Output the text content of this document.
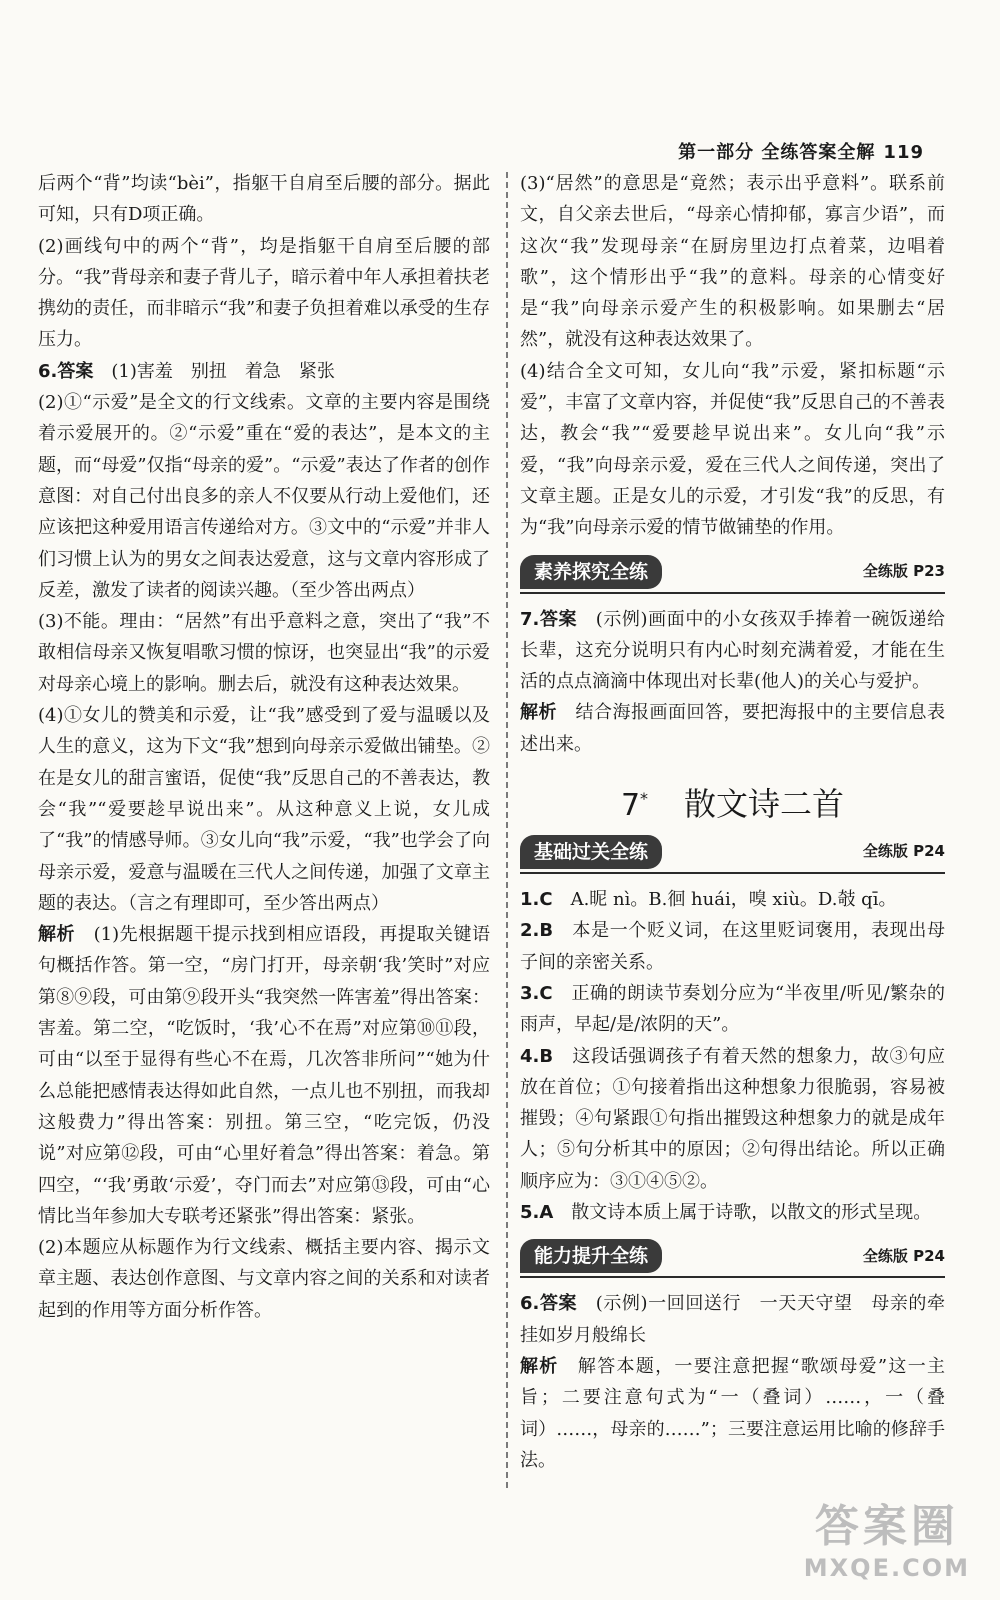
第一部分 全练答案全解 119

后两个“背”均读“bèi”，指躯干自肩至后腰的部分。据此可知，只有D项正确。

(2)画线句中的两个“背”，均是指躯干自肩至后腰的部分。“我”背母亲和妻子背儿子，暗示着中年人承担着扶老携幼的责任，而非暗示“我”和妻子负担着难以承受的生存压力。

6.答案　 (1)害羞　别扭　着急　紧张

(2)①“示爱”是全文的行文线索。文章的主要内容是围绕着示爱展开的。②“示爱”重在“爱的表达”，是本文的主题，而“母爱”仅指“母亲的爱”。“示爱”表达了作者的创作意图：对自己付出良多的亲人不仅要从行动上爱他们，还应该把这种爱用语言传递给对方。③文中的“示爱”并非人们习惯上认为的男女之间表达爱意，这与文章内容形成了反差，激发了读者的阅读兴趣。（至少答出两点）

(3)不能。理由：“居然”有出乎意料之意，突出了“我”不敢相信母亲又恢复唱歌习惯的惊讶，也突显出“我”的示爱对母亲心境上的影响。删去后，就没有这种表达效果。

(4)①女儿的赞美和示爱，让“我”感受到了爱与温暖以及人生的意义，这为下文“我”想到向母亲示爱做出铺垫。②在是女儿的甜言蜜语，促使“我”反思自己的不善表达，教会“我”“爱要趁早说出来”。从这种意义上说，女儿成了“我”的情感导师。③女儿向“我”示爱，“我”也学会了向母亲示爱，爱意与温暖在三代人之间传递，加强了文章主题的表达。（言之有理即可，至少答出两点）

解析　 (1)先根据题干提示找到相应语段，再提取关键语句概括作答。第一空，“房门打开，母亲朝‘我’笑时”对应第⑧⑨段，可由第⑨段开头“我突然一阵害羞”得出答案：害羞。第二空，“吃饭时，‘我’心不在焉”对应第⑩⑪段，可由“以至于显得有些心不在焉，几次答非所问”“她为什么总能把感情表达得如此自然，一点儿也不别扭，而我却这般费力”得出答案：别扭。第三空，“吃完饭，仍没说”对应第⑫段，可由“心里好着急”得出答案：着急。第四空，“‘我’勇敢‘示爱’，夺门而去”对应第⑬段，可由“心情比当年参加大专联考还紧张”得出答案：紧张。

(2)本题应从标题作为行文线索、概括主要内容、揭示文章主题、表达创作意图、与文章内容之间的关系和对读者起到的作用等方面分析作答。

(3)“居然”的意思是“竟然；表示出乎意料”。联系前文，自父亲去世后，“母亲心情抑郁，寡言少语”，而这次“我”发现母亲“在厨房里边打点着菜，边唱着歌”，这个情形出乎“我”的意料。母亲的心情变好是“我”向母亲示爱产生的积极影响。如果删去“居然”，就没有这种表达效果了。

(4)结合全文可知，女儿向“我”示爱，紧扣标题“示爱”，丰富了文章内容，并促使“我”反思自己的不善表达，教会“我”“爱要趁早说出来”。女儿向“我”示爱，“我”向母亲示爱，爱在三代人之间传递，突出了文章主题。正是女儿的示爱，才引发“我”的反思，有为“我”向母亲示爱的情节做铺垫的作用。

素养探究全练	全练版 P23

7.答案　 (示例)画面中的小女孩双手捧着一碗饭递给长辈，这充分说明只有内心时刻充满着爱，才能在生活的点点滴滴中体现出对长辈(他人)的关心与爱护。

解析　 结合海报画面回答，要把海报中的主要信息表述出来。

7* 散文诗二首
基础过关全练	全练版 P24

1.C　 A.昵 nì。B.徊 huái，嗅 xiù。D.攲 qī。

2.B　 本是一个贬义词，在这里贬词褒用，表现出母子间的亲密关系。

3.C　 正确的朗读节奏划分应为“半夜里/听见/繁杂的雨声，早起/是/浓阴的天”。

4.B　 这段话强调孩子有着天然的想象力，故③句应放在首位；①句接着指出这种想象力很脆弱，容易被摧毁；④句紧跟①句指出摧毁这种想象力的就是成年人；⑤句分析其中的原因；②句得出结论。所以正确顺序应为：③①④⑤②。

5.A　 散文诗本质上属于诗歌，以散文的形式呈现。

能力提升全练	全练版 P24

6.答案　 (示例)一回回送行　一天天守望　母亲的牵挂如岁月般绵长

解析　 解答本题，一要注意把握“歌颂母爱”这一主旨；二要注意句式为“一（叠词）……，一（叠词）……，母亲的……”；三要注意运用比喻的修辞手法。

答案圈
MXQE.COM
